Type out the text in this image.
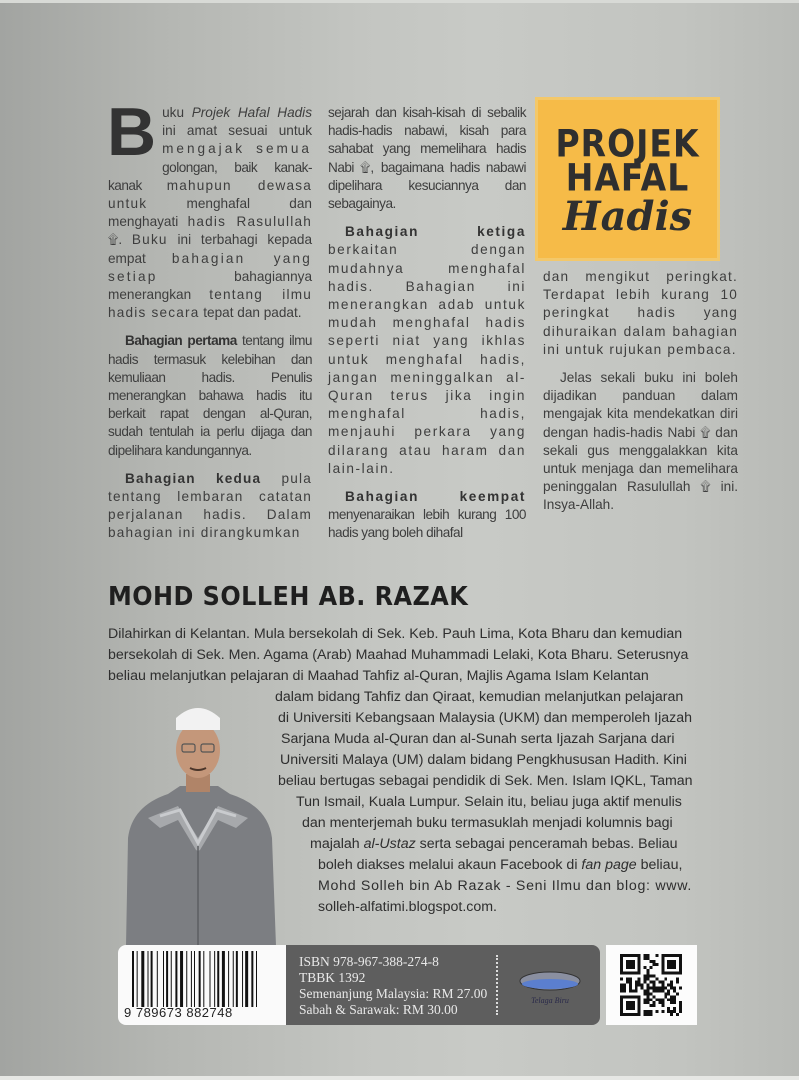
B uku Projek Hafal Hadis ini amat sesuai untuk mengajak semua golongan, baik kanak-kanak mahupun dewasa untuk	menghafal dan menghayati hadis Rasulullah ۩. Buku ini terbahagi kepada empat bahagian yang setiap	bahagiannya menerangkan tentang ilmu hadis secara tepat dan padat.

Bahagian pertama tentang ilmu hadis termasuk kelebihan dan kemuliaan hadis. Penulis menerangkan bahawa hadis itu berkait rapat dengan al-Quran, sudah tentulah ia perlu dijaga dan dipelihara kandungannya.

Bahagian kedua pula tentang lembaran catatan perjalanan hadis. Dalam bahagian ini dirangkumkan

sejarah dan kisah-kisah di sebalik hadis-hadis nabawi, kisah para sahabat yang memelihara hadis Nabi ۩, bagaimana hadis nabawi dipelihara kesuciannya dan sebagainya.

Bahagian ketiga berkaitan dengan mudahnya menghafal hadis. Bahagian ini menerangkan adab untuk mudah menghafal hadis seperti niat yang ikhlas untuk menghafal hadis, jangan meninggalkan al-Quran terus jika ingin menghafal hadis, menjauhi perkara yang dilarang atau haram dan lain-lain.

Bahagian keempat menyenaraikan lebih kurang 100 hadis yang boleh dihafal

PROJEK
HAFAL
Hadis

dan mengikut peringkat. Terdapat lebih kurang 10 peringkat hadis yang dihuraikan dalam bahagian ini untuk rujukan pembaca.

Jelas sekali buku ini boleh dijadikan panduan dalam mengajak kita mendekatkan diri dengan hadis-hadis Nabi ۩ dan sekali gus menggalakkan kita untuk menjaga dan memelihara peninggalan Rasulullah ۩ ini. Insya-Allah.

MOHD SOLLEH AB. RAZAK
Dilahirkan di Kelantan. Mula bersekolah di Sek. Keb. Pauh Lima, Kota Bharu dan kemudian
bersekolah di Sek. Men. Agama (Arab) Maahad Muhammadi Lelaki, Kota Bharu. Seterusnya
beliau melanjutkan pelajaran di Maahad Tahfiz al-Quran, Majlis Agama Islam Kelantan
dalam bidang Tahfiz dan Qiraat, kemudian melanjutkan pelajaran
di Universiti Kebangsaan Malaysia (UKM) dan memperoleh Ijazah
Sarjana Muda al-Quran dan al-Sunah serta Ijazah Sarjana dari
Universiti Malaya (UM) dalam bidang Pengkhususan Hadith. Kini
beliau bertugas sebagai pendidik di Sek. Men. Islam IQKL, Taman
Tun Ismail, Kuala Lumpur. Selain itu, beliau juga aktif menulis
dan menterjemah buku termasuklah menjadi kolumnis bagi
majalah al-Ustaz serta sebagai penceramah bebas. Beliau
boleh diakses melalui akaun Facebook di fan page beliau,
Mohd Solleh bin Ab Razak - Seni Ilmu dan blog: www.
solleh-alfatimi.blogspot.com.
9 789673 882748
ISBN 978-967-388-274-8
TBBK 1392
Semenanjung Malaysia: RM 27.00
Sabah & Sarawak: RM 30.00
Telaga Biru
